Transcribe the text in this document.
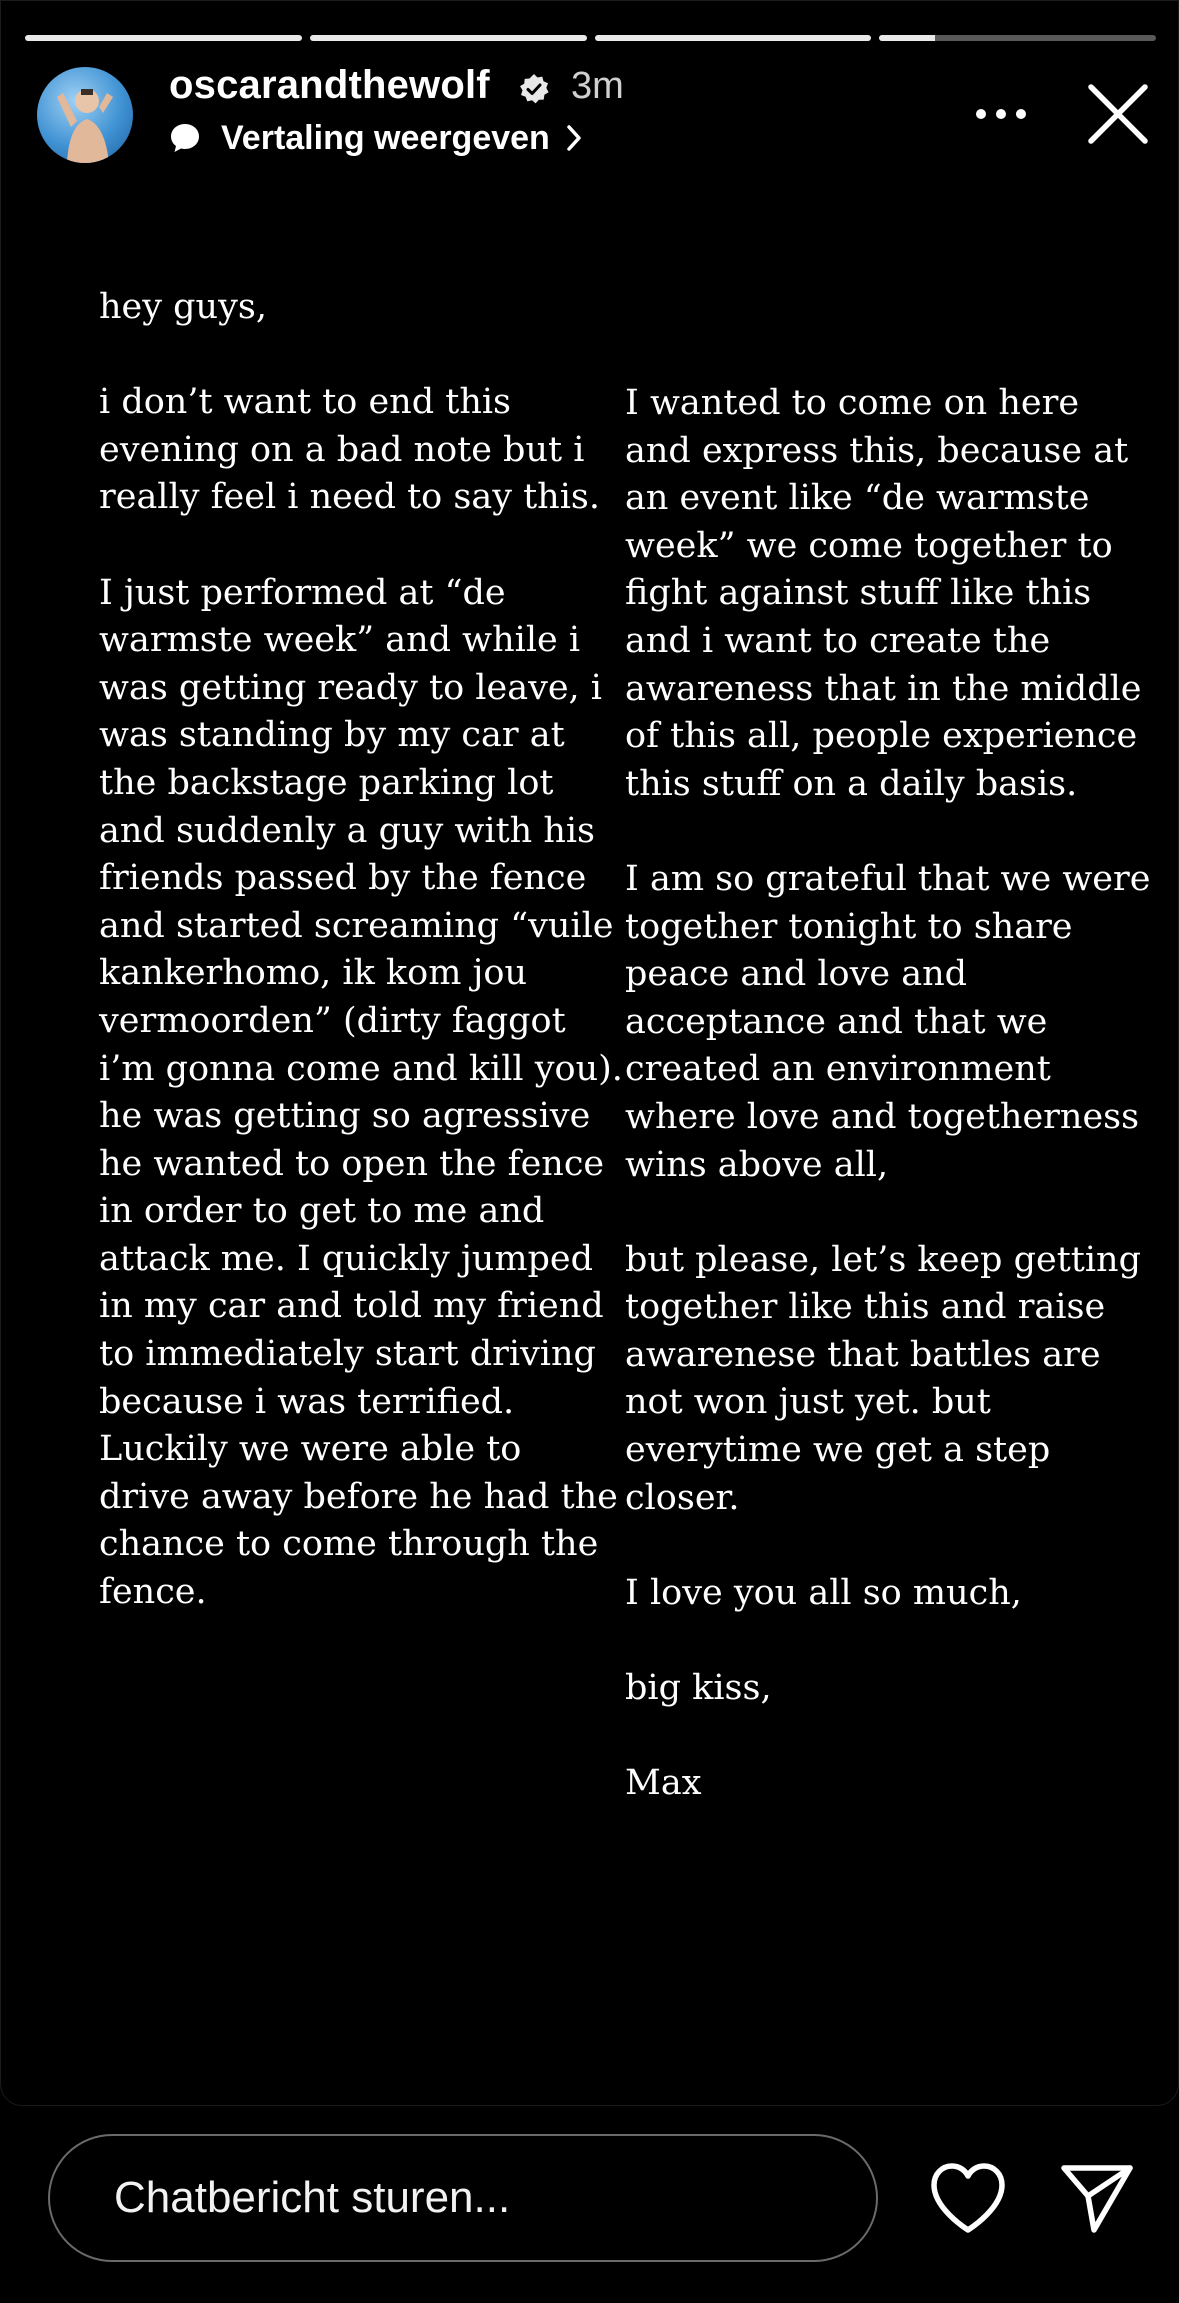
oscarandthewolf 3m
Vertaling weergeven
hey guys,
i don’t want to end this
evening on a bad note but i
really feel i need to say this.
I just performed at “de
warmste week” and while i
was getting ready to leave, i
was standing by my car at
the backstage parking lot
and suddenly a guy with his
friends passed by the fence
and started screaming “vuile
kankerhomo, ik kom jou
vermoorden” (dirty faggot
i’m gonna come and kill you).
he was getting so agressive
he wanted to open the fence
in order to get to me and
attack me. I quickly jumped
in my car and told my friend
to immediately start driving
because i was terrified.
Luckily we were able to
drive away before he had the
chance to come through the
fence.
I wanted to come on here
and express this, because at
an event like “de warmste
week” we come together to
fight against stuff like this
and i want to create the
awareness that in the middle
of this all, people experience
this stuff on a daily basis.
I am so grateful that we were
together tonight to share
peace and love and
acceptance and that we
created an environment
where love and togetherness
wins above all,
but please, let’s keep getting
together like this and raise
awarenese that battles are
not won just yet. but
everytime we get a step
closer.
I love you all so much,
big kiss,
Max
Chatbericht sturen...
